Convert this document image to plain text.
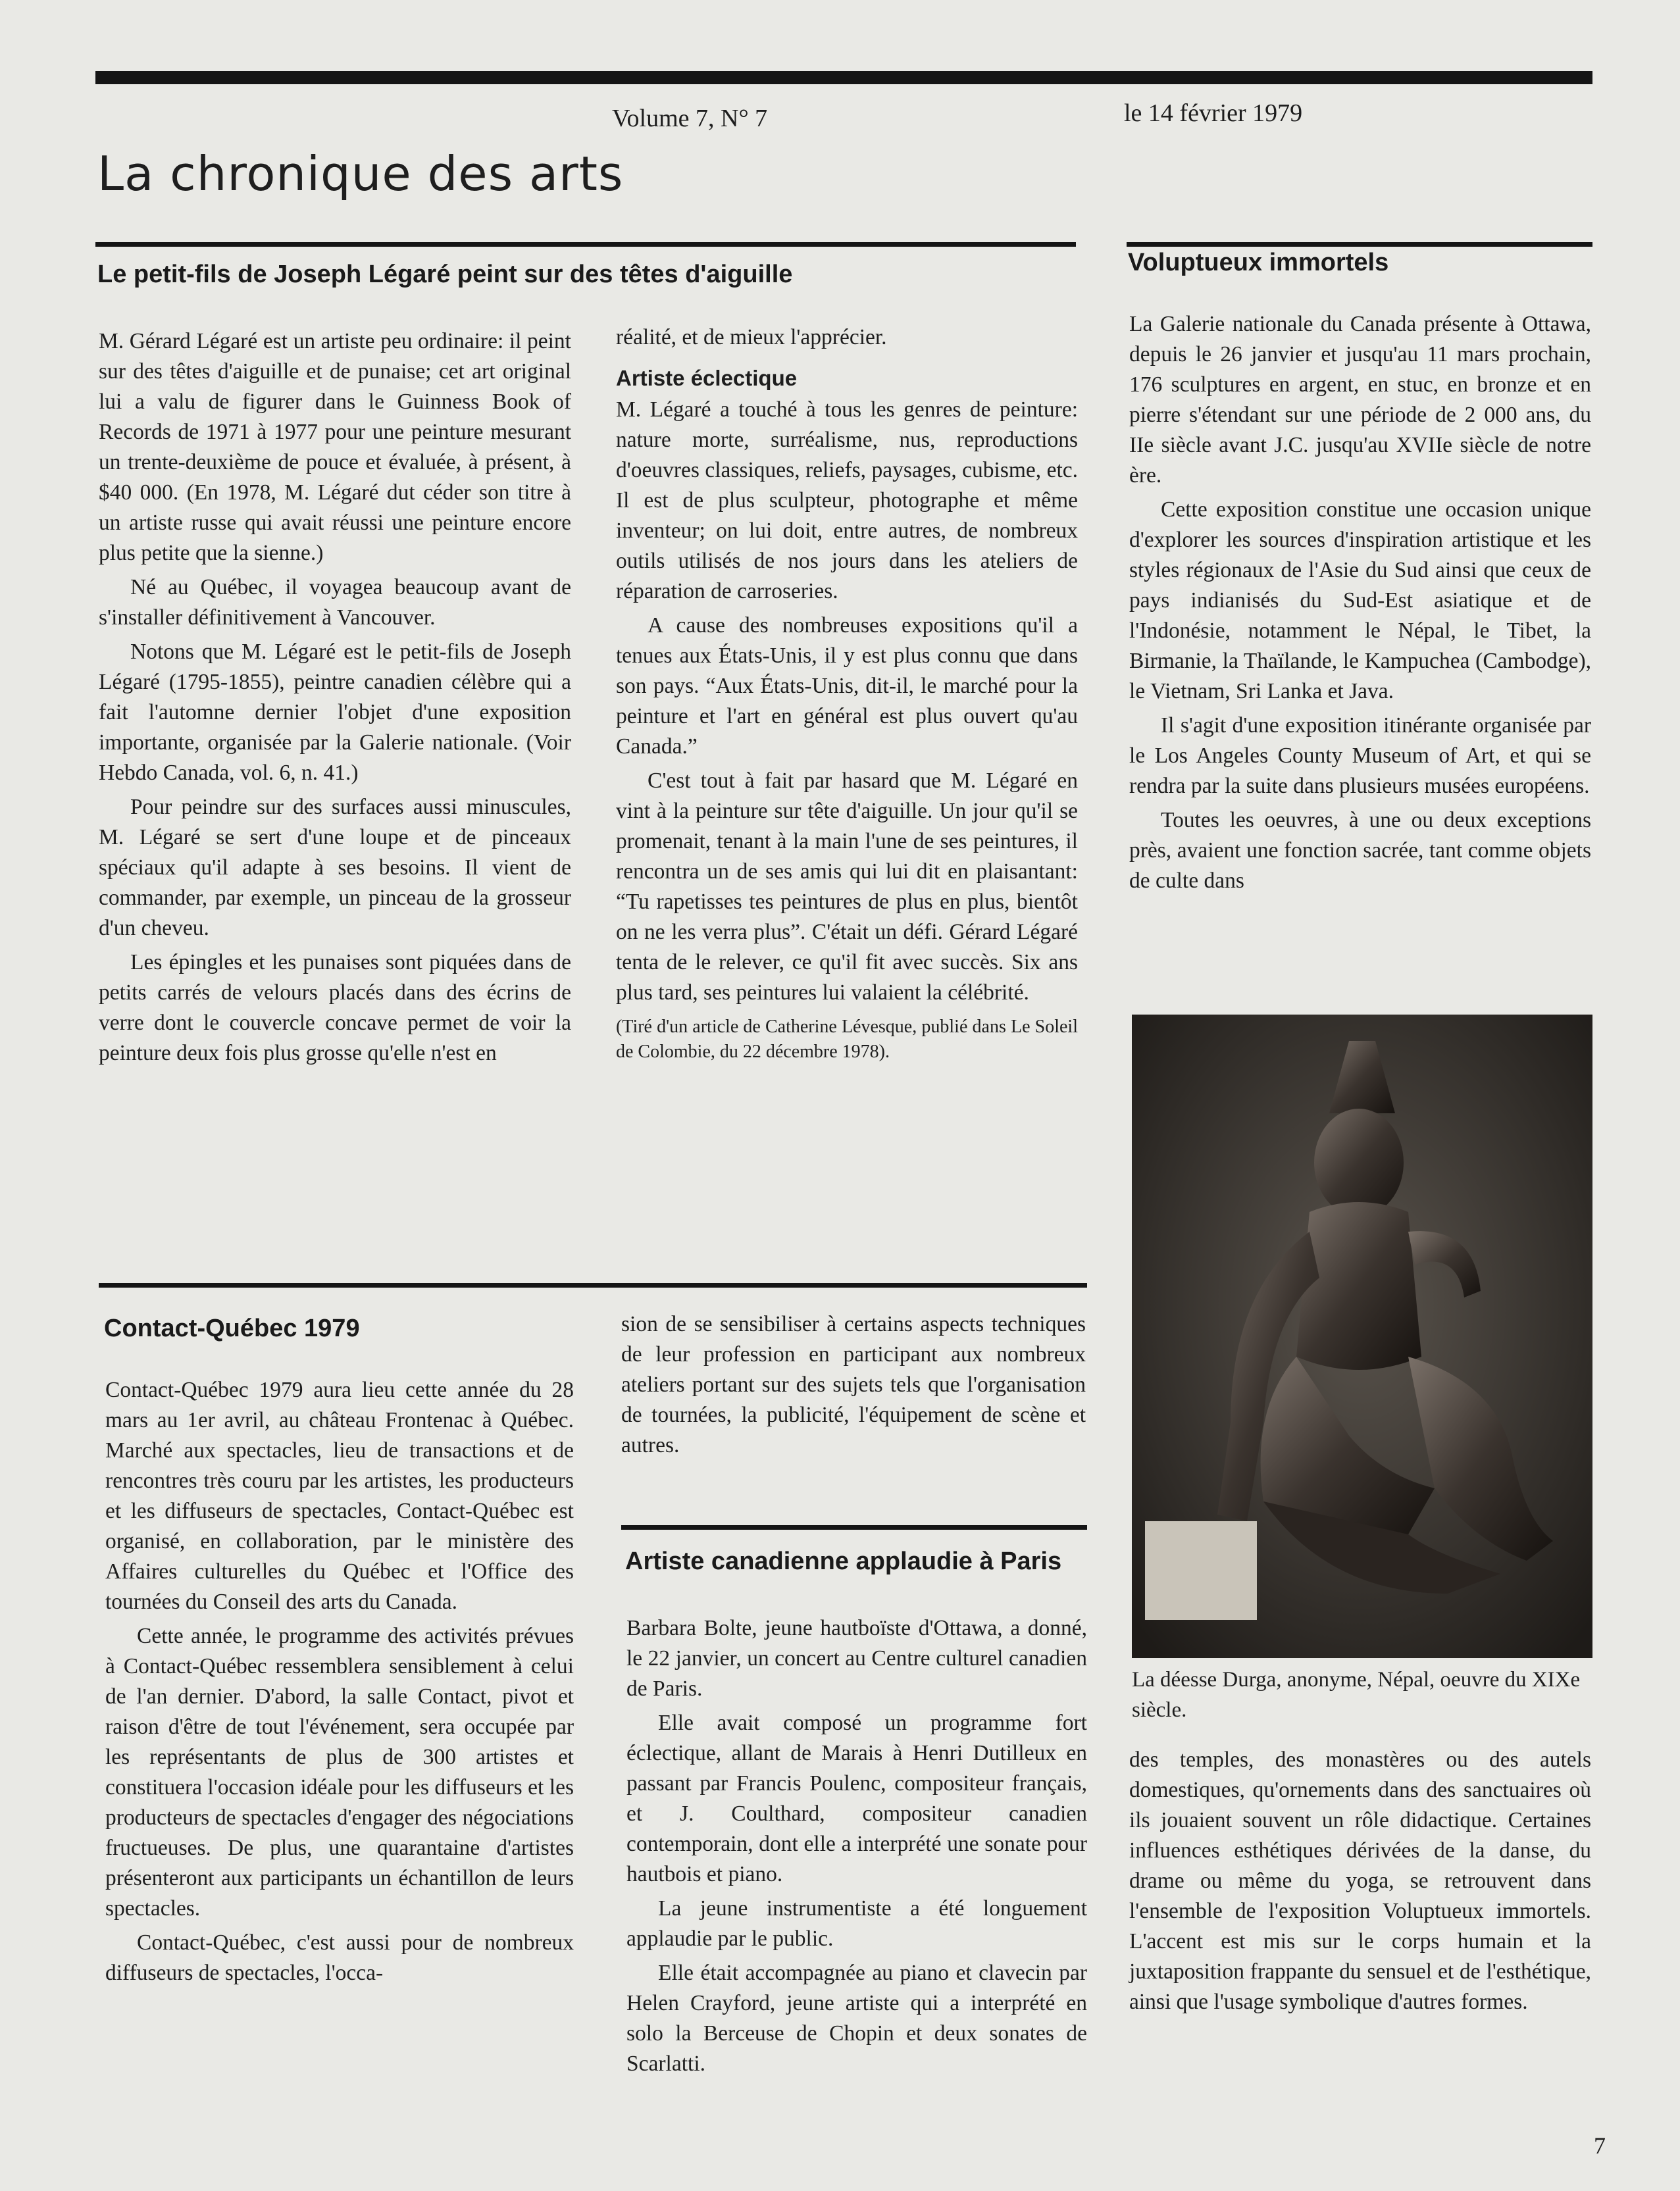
Volume 7, N° 7	le 14 février 1979
La chronique des arts
Le petit-fils de Joseph Légaré peint sur des têtes d'aiguille

M. Gérard Légaré est un artiste peu ordinaire: il peint sur des têtes d'aiguille et de punaise; cet art original lui a valu de figurer dans le Guinness Book of Records de 1971 à 1977 pour une peinture mesurant un trente-deuxième de pouce et évaluée, à présent, à $40 000. (En 1978, M. Légaré dut céder son titre à un artiste russe qui avait réussi une peinture encore plus petite que la sienne.)

Né au Québec, il voyagea beaucoup avant de s'installer définitivement à Vancouver.

Notons que M. Légaré est le petit-fils de Joseph Légaré (1795-1855), peintre canadien célèbre qui a fait l'automne dernier l'objet d'une exposition importante, organisée par la Galerie nationale. (Voir Hebdo Canada, vol. 6, n. 41.)

Pour peindre sur des surfaces aussi minuscules, M. Légaré se sert d'une loupe et de pinceaux spéciaux qu'il adapte à ses besoins. Il vient de commander, par exemple, un pinceau de la grosseur d'un cheveu.

Les épingles et les punaises sont piquées dans de petits carrés de velours placés dans des écrins de verre dont le couvercle concave permet de voir la peinture deux fois plus grosse qu'elle n'est en

réalité, et de mieux l'apprécier.

Artiste éclectique

M. Légaré a touché à tous les genres de peinture: nature morte, surréalisme, nus, reproductions d'oeuvres classiques, reliefs, paysages, cubisme, etc. Il est de plus sculpteur, photographe et même inventeur; on lui doit, entre autres, de nombreux outils utilisés de nos jours dans les ateliers de réparation de carroseries.

A cause des nombreuses expositions qu'il a tenues aux États-Unis, il y est plus connu que dans son pays. “Aux États-Unis, dit-il, le marché pour la peinture et l'art en général est plus ouvert qu'au Canada.”

C'est tout à fait par hasard que M. Légaré en vint à la peinture sur tête d'aiguille. Un jour qu'il se promenait, tenant à la main l'une de ses peintures, il rencontra un de ses amis qui lui dit en plaisantant: “Tu rapetisses tes peintures de plus en plus, bientôt on ne les verra plus”. C'était un défi. Gérard Légaré tenta de le relever, ce qu'il fit avec succès. Six ans plus tard, ses peintures lui valaient la célébrité.

(Tiré d'un article de Catherine Lévesque, publié dans Le Soleil de Colombie, du 22 décembre 1978).

Voluptueux immortels

La Galerie nationale du Canada présente à Ottawa, depuis le 26 janvier et jusqu'au 11 mars prochain, 176 sculptures en argent, en stuc, en bronze et en pierre s'étendant sur une période de 2 000 ans, du IIe siècle avant J.C. jusqu'au XVIIe siècle de notre ère.

Cette exposition constitue une occasion unique d'explorer les sources d'inspiration artistique et les styles régionaux de l'Asie du Sud ainsi que ceux de pays indianisés du Sud-Est asiatique et de l'Indonésie, notamment le Népal, le Tibet, la Birmanie, la Thaïlande, le Kampuchea (Cambodge), le Vietnam, Sri Lanka et Java.

Il s'agit d'une exposition itinérante organisée par le Los Angeles County Museum of Art, et qui se rendra par la suite dans plusieurs musées européens.

Toutes les oeuvres, à une ou deux exceptions près, avaient une fonction sacrée, tant comme objets de culte dans

La déesse Durga, anonyme, Népal, oeuvre du XIXe siècle.

des temples, des monastères ou des autels domestiques, qu'ornements dans des sanctuaires où ils jouaient souvent un rôle didactique. Certaines influences esthétiques dérivées de la danse, du drame ou même du yoga, se retrouvent dans l'ensemble de l'exposition Voluptueux immortels. L'accent est mis sur le corps humain et la juxtaposition frappante du sensuel et de l'esthétique, ainsi que l'usage symbolique d'autres formes.

Contact-Québec 1979

Contact-Québec 1979 aura lieu cette année du 28 mars au 1er avril, au château Frontenac à Québec. Marché aux spectacles, lieu de transactions et de rencontres très couru par les artistes, les producteurs et les diffuseurs de spectacles, Contact-Québec est organisé, en collaboration, par le ministère des Affaires culturelles du Québec et l'Office des tournées du Conseil des arts du Canada.

Cette année, le programme des activités prévues à Contact-Québec ressemblera sensiblement à celui de l'an dernier. D'abord, la salle Contact, pivot et raison d'être de tout l'événement, sera occupée par les représentants de plus de 300 artistes et constituera l'occasion idéale pour les diffuseurs et les producteurs de spectacles d'engager des négociations fructueuses. De plus, une quarantaine d'artistes présenteront aux participants un échantillon de leurs spectacles.

Contact-Québec, c'est aussi pour de nombreux diffuseurs de spectacles, l'occa-

sion de se sensibiliser à certains aspects techniques de leur profession en participant aux nombreux ateliers portant sur des sujets tels que l'organisation de tournées, la publicité, l'équipement de scène et autres.

Artiste canadienne applaudie à Paris

Barbara Bolte, jeune hautboïste d'Ottawa, a donné, le 22 janvier, un concert au Centre culturel canadien de Paris.

Elle avait composé un programme fort éclectique, allant de Marais à Henri Dutilleux en passant par Francis Poulenc, compositeur français, et J. Coulthard, compositeur canadien contemporain, dont elle a interprété une sonate pour hautbois et piano.

La jeune instrumentiste a été longuement applaudie par le public.

Elle était accompagnée au piano et clavecin par Helen Crayford, jeune artiste qui a interprété en solo la Berceuse de Chopin et deux sonates de Scarlatti.

7
